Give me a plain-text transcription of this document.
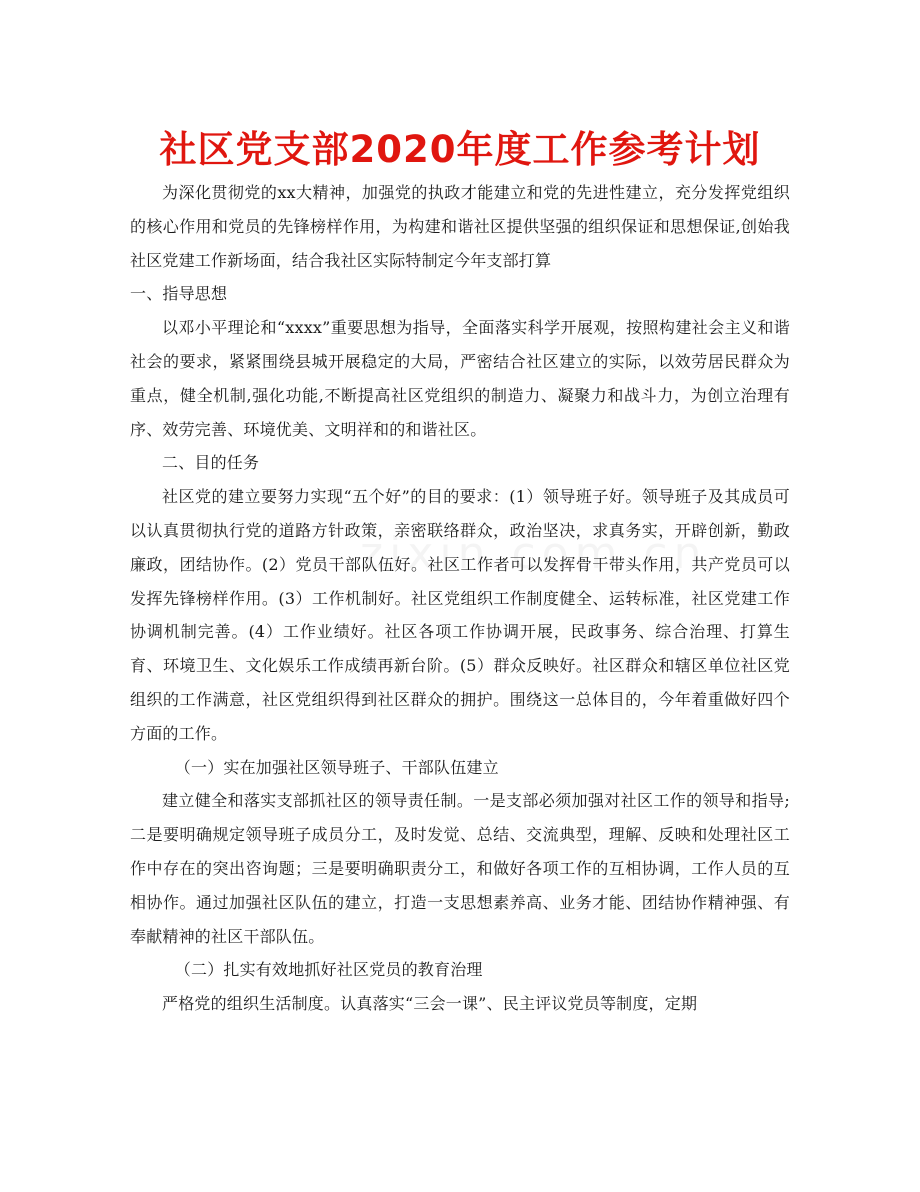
社区党支部2020年度工作参考计划

为深化贯彻党的xx大精神，加强党的执政才能建立和党的先进性建立，充分发挥党组织的核心作用和党员的先锋榜样作用，为构建和谐社区提供坚强的组织保证和思想保证,创始我社区党建工作新场面，结合我社区实际特制定今年支部打算

一、指导思想

以邓小平理论和“xxxx”重要思想为指导，全面落实科学开展观，按照构建社会主义和谐社会的要求，紧紧围绕县城开展稳定的大局，严密结合社区建立的实际，以效劳居民群众为重点，健全机制,强化功能,不断提高社区党组织的制造力、凝聚力和战斗力，为创立治理有序、效劳完善、环境优美、文明祥和的和谐社区。

二、目的任务

社区党的建立要努力实现“五个好”的目的要求：(1）领导班子好。领导班子及其成员可以认真贯彻执行党的道路方针政策，亲密联络群众，政治坚决，求真务实，开辟创新，勤政廉政，团结协作。(2）党员干部队伍好。社区工作者可以发挥骨干带头作用，共产党员可以发挥先锋榜样作用。(3）工作机制好。社区党组织工作制度健全、运转标准，社区党建工作协调机制完善。(4）工作业绩好。社区各项工作协调开展，民政事务、综合治理、打算生育、环境卫生、文化娱乐工作成绩再新台阶。(5）群众反映好。社区群众和辖区单位社区党组织的工作满意，社区党组织得到社区群众的拥护。围绕这一总体目的，今年着重做好四个方面的工作。

（一）实在加强社区领导班子、干部队伍建立

建立健全和落实支部抓社区的领导责任制。一是支部必须加强对社区工作的领导和指导;二是要明确规定领导班子成员分工，及时发觉、总结、交流典型，理解、反映和处理社区工作中存在的突出咨询题；三是要明确职责分工，和做好各项工作的互相协调，工作人员的互相协作。通过加强社区队伍的建立，打造一支思想素养高、业务才能、团结协作精神强、有奉献精神的社区干部队伍。

（二）扎实有效地抓好社区党员的教育治理

严格党的组织生活制度。认真落实“三会一课”、民主评议党员等制度，定期
